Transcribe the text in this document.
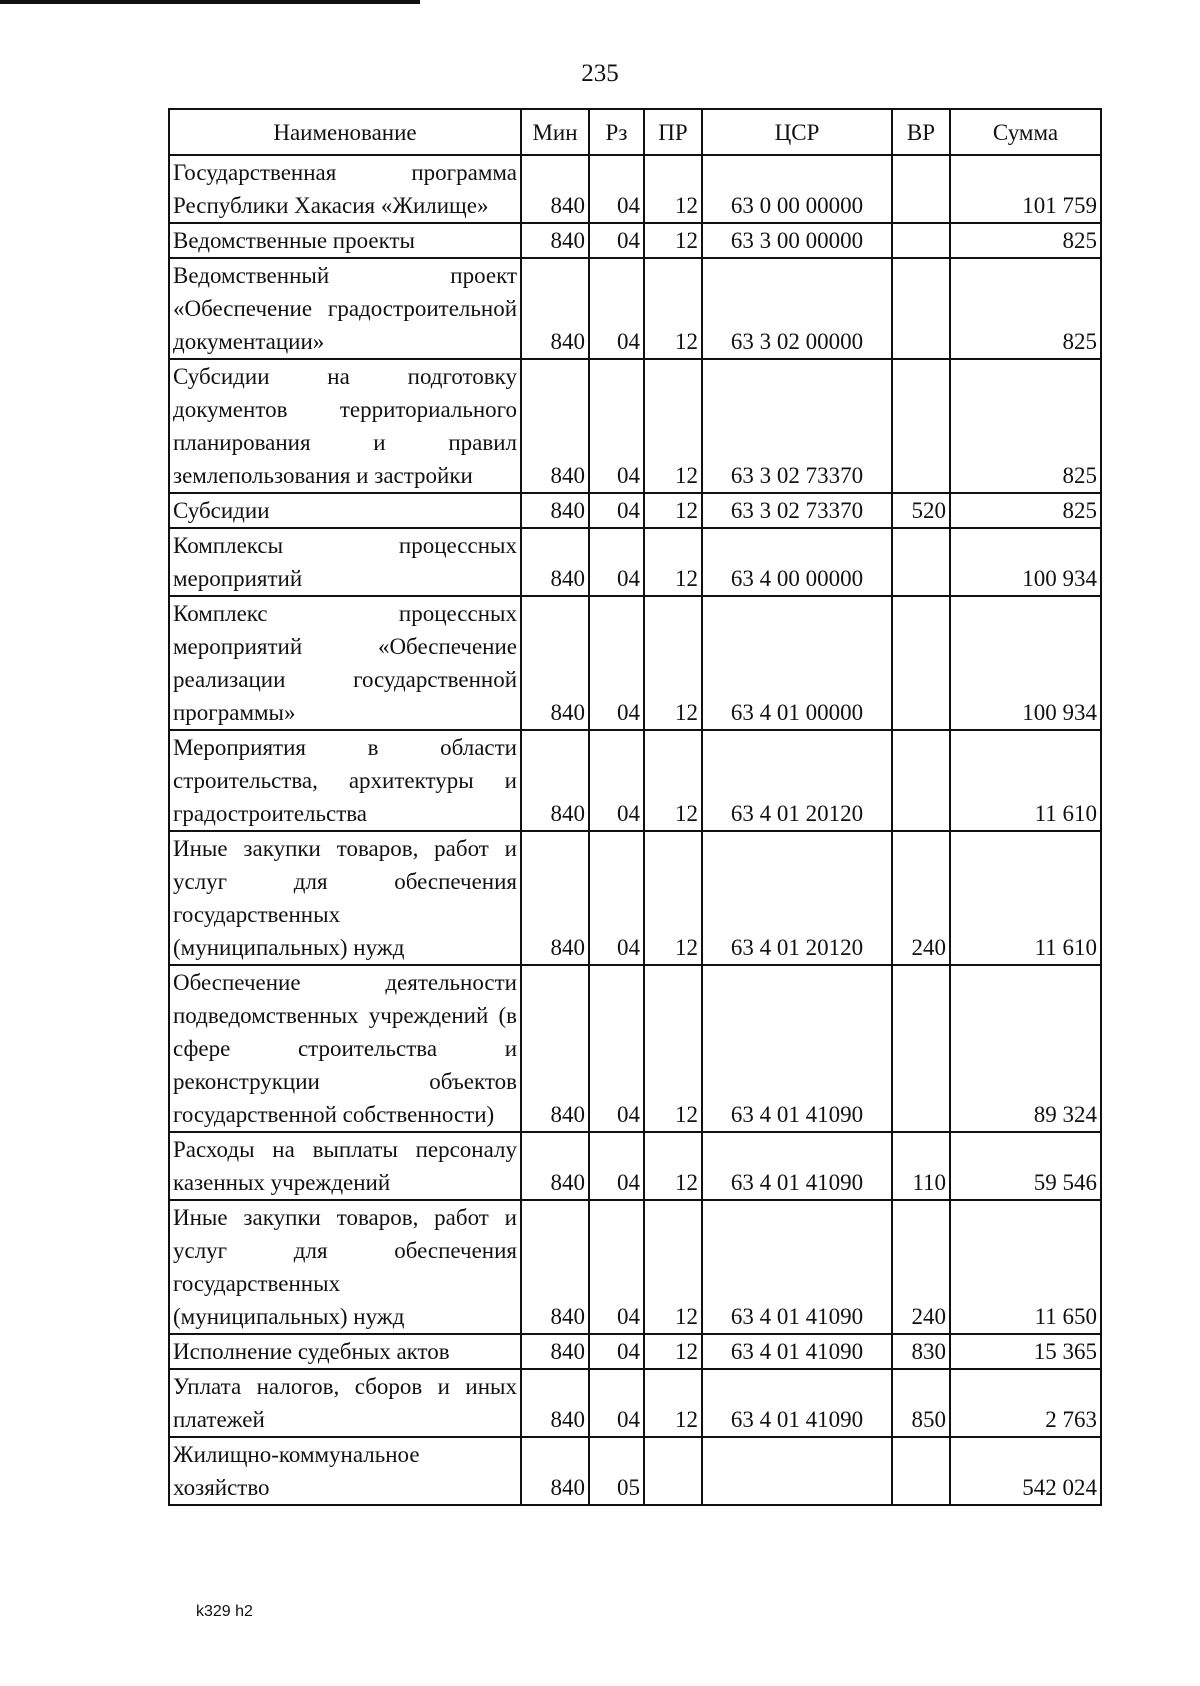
235
Наименование	Мин	Рз	ПР	ЦСР	ВР	Сумма
Государственная программа Республики Хакасия «Жилище»	840	04	12	63 0 00 00000		101 759
Ведомственные проекты	840	04	12	63 3 00 00000		825
Ведомственный проект «Обеспечение градостроительной документации»	840	04	12	63 3 02 00000		825
Субсидии на подготовку документов территориального планирования и правил землепользования и застройки	840	04	12	63 3 02 73370		825
Субсидии	840	04	12	63 3 02 73370	520	825
Комплексы процессных мероприятий	840	04	12	63 4 00 00000		100 934
Комплекс процессных мероприятий «Обеспечение реализации государственной программы»	840	04	12	63 4 01 00000		100 934
Мероприятия в области строительства, архитектуры и градостроительства	840	04	12	63 4 01 20120		11 610
Иные закупки товаров, работ и услуг для обеспечения государственных (муниципальных) нужд	840	04	12	63 4 01 20120	240	11 610
Обеспечение деятельности подведомственных учреждений (в сфере строительства и реконструкции объектов государственной собственности)	840	04	12	63 4 01 41090		89 324
Расходы на выплаты персоналу казенных учреждений	840	04	12	63 4 01 41090	110	59 546
Иные закупки товаров, работ и услуг для обеспечения государственных (муниципальных) нужд	840	04	12	63 4 01 41090	240	11 650
Исполнение судебных актов	840	04	12	63 4 01 41090	830	15 365
Уплата налогов, сборов и иных платежей	840	04	12	63 4 01 41090	850	2 763
Жилищно-коммунальное хозяйство	840	05				542 024
k329 h2
